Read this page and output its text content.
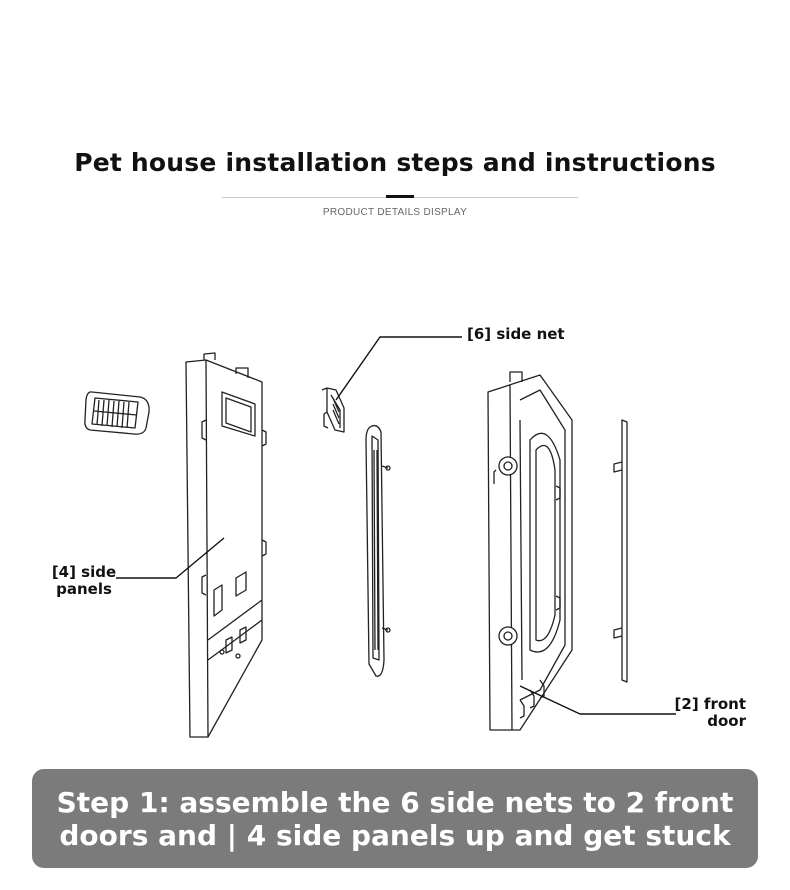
Pet house installation steps and instructions
PRODUCT DETAILS DISPLAY
[6] side net
[4] side panels
[2] front door
Step 1: assemble the 6 side nets to 2 front doors and | 4 side panels up and get stuck
